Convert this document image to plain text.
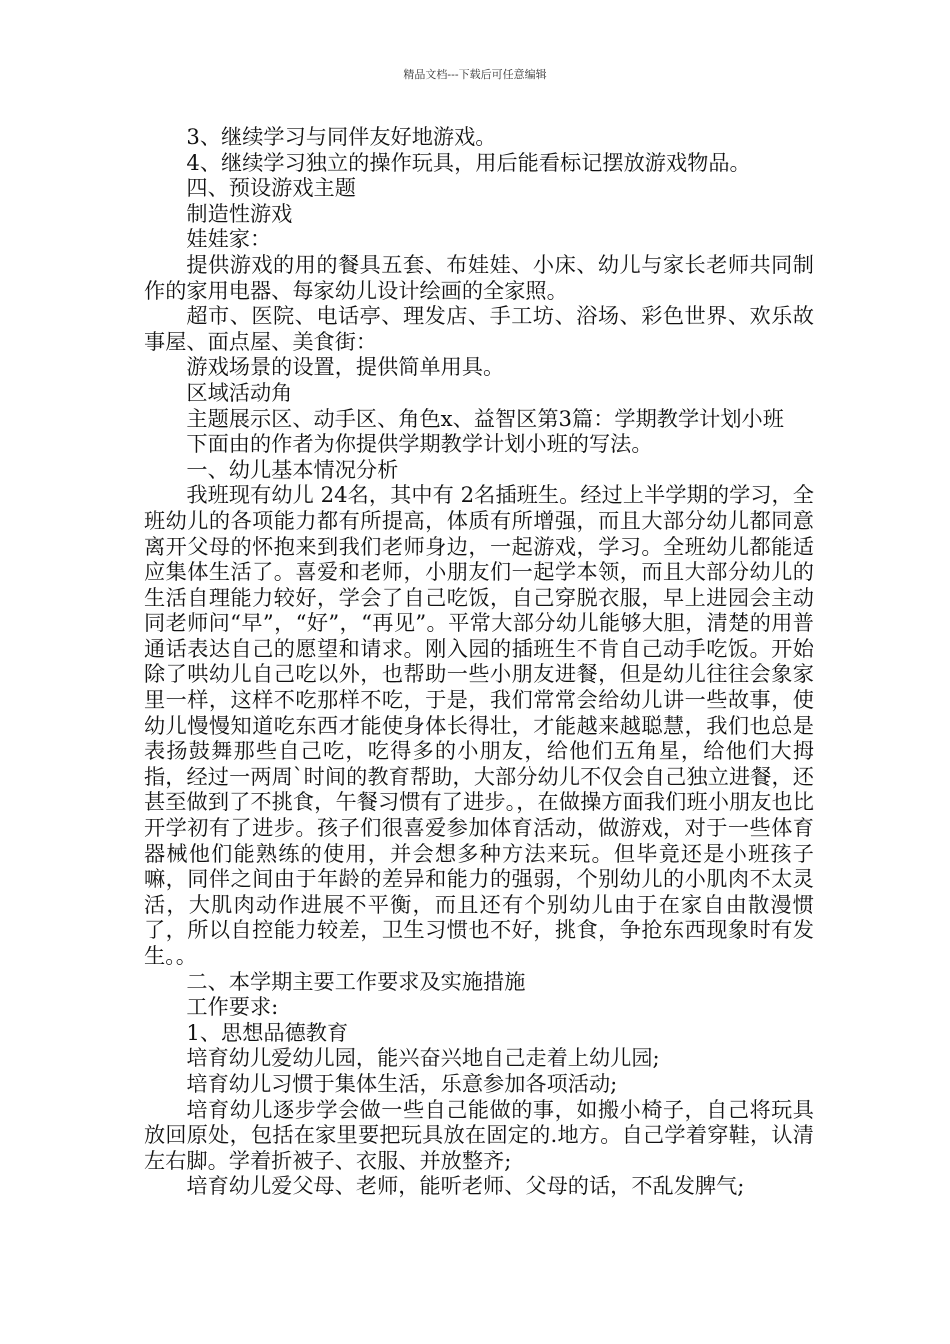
精品文档---下载后可任意编辑

3、继续学习与同伴友好地游戏。

4、继续学习独立的操作玩具，用后能看标记摆放游戏物品。

四、预设游戏主题

制造性游戏

娃娃家：

提供游戏的用的餐具五套、布娃娃、小床、幼儿与家长老师共同制作的家用电器、每家幼儿设计绘画的全家照。

超市、医院、电话亭、理发店、手工坊、浴场、彩色世界、欢乐故事屋、面点屋、美食街：

游戏场景的设置，提供简单用具。

区域活动角

主题展示区、动手区、角色x、益智区第3篇：学期教学计划小班

下面由的作者为你提供学期教学计划小班的写法。

一、幼儿基本情况分析

我班现有幼儿 24名，其中有 2名插班生。经过上半学期的学习，全班幼儿的各项能力都有所提高，体质有所增强，而且大部分幼儿都同意离开父母的怀抱来到我们老师身边，一起游戏，学习。全班幼儿都能适应集体生活了。喜爱和老师，小朋友们一起学本领，而且大部分幼儿的生活自理能力较好，学会了自己吃饭，自己穿脱衣服，早上进园会主动同老师问“早”，“好”，“再见”。平常大部分幼儿能够大胆，清楚的用普通话表达自己的愿望和请求。刚入园的插班生不肯自己动手吃饭。开始除了哄幼儿自己吃以外，也帮助一些小朋友进餐，但是幼儿往往会象家里一样，这样不吃那样不吃，于是，我们常常会给幼儿讲一些故事，使幼儿慢慢知道吃东西才能使身体长得壮，才能越来越聪慧，我们也总是表扬鼓舞那些自己吃，吃得多的小朋友，给他们五角星，给他们大拇指，经过一两周`时间的教育帮助，大部分幼儿不仅会自己独立进餐，还甚至做到了不挑食，午餐习惯有了进步。，在做操方面我们班小朋友也比开学初有了进步。孩子们很喜爱参加体育活动，做游戏，对于一些体育器械他们能熟练的使用，并会想多种方法来玩。但毕竟还是小班孩子嘛，同伴之间由于年龄的差异和能力的强弱，个别幼儿的小肌肉不太灵活，大肌肉动作进展不平衡，而且还有个别幼儿由于在家自由散漫惯了，所以自控能力较差，卫生习惯也不好，挑食，争抢东西现象时有发生。。

二、本学期主要工作要求及实施措施

工作要求:

1、思想品德教育

培育幼儿爱幼儿园，能兴奋兴地自己走着上幼儿园;

培育幼儿习惯于集体生活，乐意参加各项活动;

培育幼儿逐步学会做一些自己能做的事，如搬小椅子，自己将玩具放回原处，包括在家里要把玩具放在固定的.地方。自己学着穿鞋，认清左右脚。学着折被子、衣服、并放整齐;

培育幼儿爱父母、老师，能听老师、父母的话，不乱发脾气;
